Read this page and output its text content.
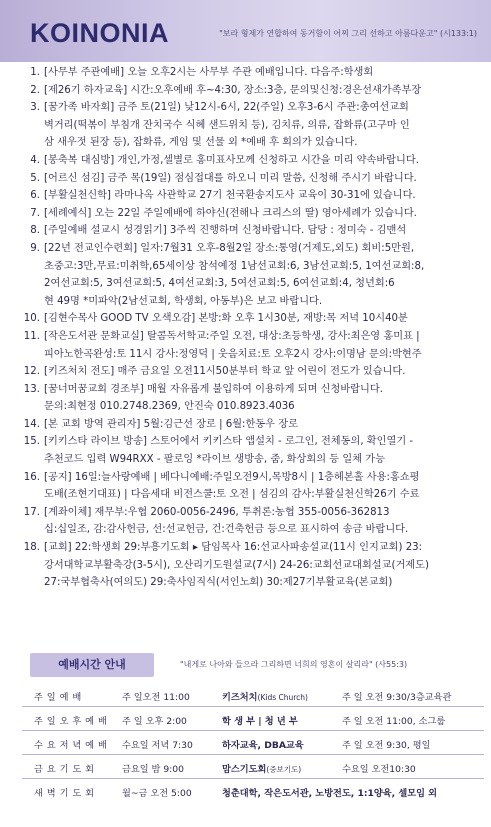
KOINONIA	"보라 형제가 연합하여 동거함이 어찌 그리 선하고 아름다운고" (시133:1)
1. [사무부 주관예배] 오늘 오후2시는 사무부 주관 예배입니다. 다음주:학생회
2. [제26기 하자교육] 시간:오후예배 후~4:30, 장소:3층, 문의및신청:경은선새가족부장
3. [꿈가족 바자회] 금주 토(21일) 낮12시-6시, 22(주일) 오후3-6시 주관:총여선교회
벽거리(떡볶이 부침개 잔치국수 식혜 샌드위치 등), 김치류, 의류, 잡화류(고구마 인
삼 새우젓 된장 등), 잡화류, 게임 및 선물 외 *예배 후 회의가 있습니다.
4. [봉축복 대심방] 개인,가정,셀별로 홍미표사모께 신청하고 시간을 미리 약속바랍니다.
5. [어르신 섬김] 금주 목(19일) 점심접대를 하오니 미리 말씀, 신청해 주시기 바랍니다.
6. [부활실천신학] 라마나옥 사관학교 27기 천국환송지도사 교육이 30-31에 있습니다.
7. [세례예식] 오는 22일 주일예배에 하야신(전해나 크리스의 딸) 영아세례가 있습니다.
8. [주일예배 설교시 성경읽기] 3주씩 진행하며 신청바랍니다. 담당 : 정미숙 - 김맨석
9. [22년 전교인수련회] 일자:7월31 오후-8월2일 장소:통영(거제도,외도) 회비:5만원,
초중고:3만,무료:미취학,65세이상 참석예정 1남선교회:6, 3남선교회:5, 1여선교회:8,
2여선교회:5, 3여선교회:5, 4여선교회:3, 5여선교회:5, 6여선교회:4, 청년회:6
현 49명 *미파악(2남선교회, 학생회, 아동부)은 보고 바랍니다.
10. [김현수목사 GOOD TV 오색오감] 본방:화 오후 1시30분, 재방:목 저녁 10시40분
11. [작은도서관 문화교실] 탈콤독서학교:주일 오전, 대상:초등학생, 강사:최은영 홍미표 |
피아노한곡완성:토 11시 강사:정영덕 | 웃음치료:토 오후2시 강사:이명남 문의:박현주
12. [키즈처치 전도] 매주 금요일 오전11시50분부터 학교 앞 어린이 전도가 있습니다.
13. [꿈너머꿈교회 경조부] 매월 자유롭게 불입하여 이용하게 되며 신청바랍니다.
문의:최현정 010.2748.2369, 안진숙 010.8923.4036
14. [본 교회 방역 관리자] 5월:김근선 장로 | 6월:한동우 장로
15. [키키스타 라이브 방송] 스토어에서 키키스타 앱설치 - 로그인, 전체동의, 확인열기 -
추천코드 입력 W94RXX - 팔로잉 *라이브 생방송, 줌, 화상회의 등 일체 가능
16. [공지] 16일:늘사랑예배 | 베다니예배:주일오전9시,목방8시 | 1층헤본홀 사용:홍쇼평
도배(조현기대표) | 다음세대 비전스쿨:토 오전 | 섬김의 감사:부활실천신학26기 수료
17. [계좌이체] 재무부:우협 2060-0056-2496, 투취론:농협 355-0056-362813
십:십일조, 감:감사헌금, 선:선교헌금, 건:건축헌금 등으로 표시하여 송금 바랍니다.
18. [교회] 22:학생회 29:부흥기도회 ▸ 담임목사 16:선교사파송설교(11시 인지교회) 23:
강서대학교부활축강(3-5시), 오산리기도원설교(7시) 24-26:교회선교대회설교(거제도)
27:국부협축사(여의도) 29:축사임직식(서인노회) 30:제27기부활교육(본교회)
예배시간 안내	"내게로 나아와 들으라 그리하면 너희의 영혼이 살리라" (사55:3)
주 일 예 배	주 일오전 11:00	키즈처치(Kids Church)	주 일 오전 9:30/3층교육관
주 일 오 후 예 배 주 일 오후 2:00	학 생 부 | 청 년 부	주 일 오전 11:00, 소그룹
수 요 저 녁 예 배 수요일 저녁 7:30	하자교육, DBA교육	주 일 오전 9:30, 평일
금 요 기 도 회	금요일 밤 9:00	맘스기도회(중보기도)	수요일 오전10:30
새 벽 기 도 회	월~금 오전 5:00	청춘대학, 작은도서관, 노방전도, 1:1양육, 셀모임 외
